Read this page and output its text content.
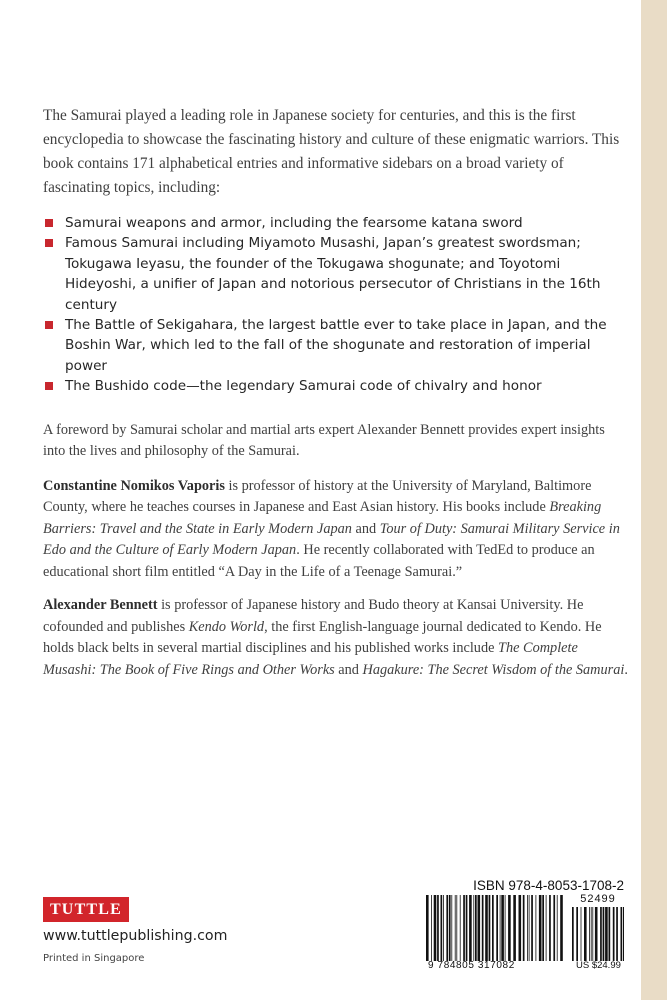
The Samurai played a leading role in Japanese society for centuries, and this is the first encyclopedia to showcase the fascinating history and culture of these enigmatic warriors. This book contains 171 alphabetical entries and informative sidebars on a broad variety of fascinating topics, including:

Samurai weapons and armor, including the fearsome katana sword
Famous Samurai including Miyamoto Musashi, Japan’s greatest swordsman; Tokugawa Ieyasu, the founder of the Tokugawa shogunate; and Toyotomi Hideyoshi, a unifier of Japan and notorious persecutor of Christians in the 16th century
The Battle of Sekigahara, the largest battle ever to take place in Japan, and the Boshin War, which led to the fall of the shogunate and restoration of imperial power
The Bushido code—the legendary Samurai code of chivalry and honor

A foreword by Samurai scholar and martial arts expert Alexander Bennett provides expert insights into the lives and philosophy of the Samurai.

Constantine Nomikos Vaporis is professor of history at the University of Maryland, Baltimore County, where he teaches courses in Japanese and East Asian history. His books include Breaking Barriers: Travel and the State in Early Modern Japan and Tour of Duty: Samurai Military Service in Edo and the Culture of Early Modern Japan. He recently collaborated with TedEd to produce an educational short film entitled “A Day in the Life of a Teenage Samurai.”

Alexander Bennett is professor of Japanese history and Budo theory at Kansai University. He cofounded and publishes Kendo World, the first English-language journal dedicated to Kendo. He holds black belts in several martial disciplines and his published works include The Complete Musashi: The Book of Five Rings and Other Works and Hagakure: The Secret Wisdom of the Samurai.

TUTTLE
www.tuttlepublishing.com
Printed in Singapore
ISBN 978-4-8053-1708-2
52499
9 784805 317082	US $24.99
